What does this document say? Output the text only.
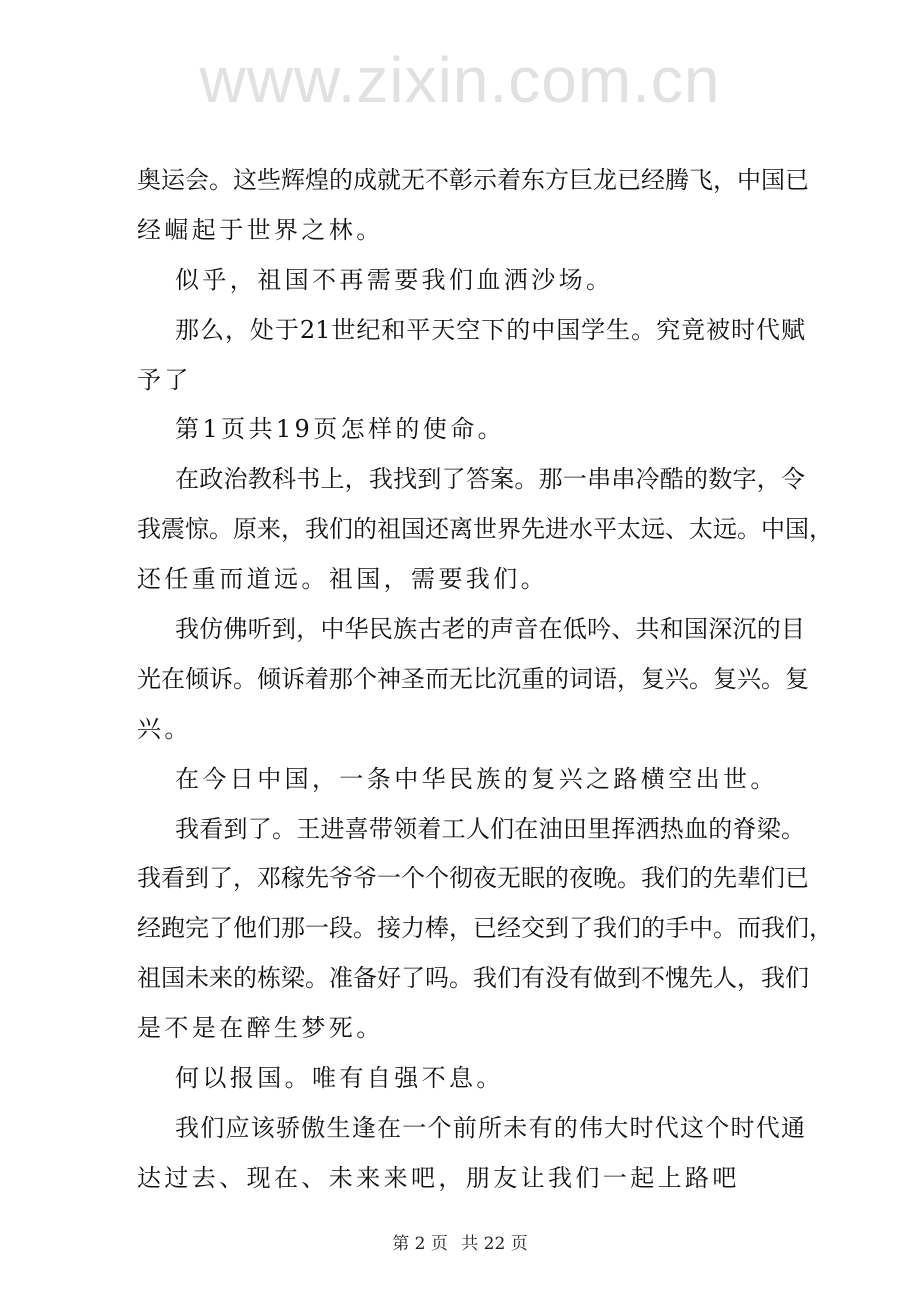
www.zixin.com.cn
奥运会。这些辉煌的成就无不彰示着东方巨龙已经腾飞，中国已
经崛起于世界之林。
似乎，祖国不再需要我们血洒沙场。
那么，处于21世纪和平天空下的中国学生。究竟被时代赋
予了
第1页共19页怎样的使命。
在政治教科书上，我找到了答案。那一串串冷酷的数字，令
我震惊。原来，我们的祖国还离世界先进水平太远、太远。中国，
还任重而道远。祖国，需要我们。
我仿佛听到，中华民族古老的声音在低吟、共和国深沉的目
光在倾诉。倾诉着那个神圣而无比沉重的词语，复兴。复兴。复
兴。
在今日中国，一条中华民族的复兴之路横空出世。
我看到了。王进喜带领着工人们在油田里挥洒热血的脊梁。
我看到了，邓稼先爷爷一个个彻夜无眠的夜晚。我们的先辈们已
经跑完了他们那一段。接力棒，已经交到了我们的手中。而我们，
祖国未来的栋梁。准备好了吗。我们有没有做到不愧先人，我们
是不是在醉生梦死。
何以报国。唯有自强不息。
我们应该骄傲生逢在一个前所未有的伟大时代这个时代通
达过去、现在、未来来吧，朋友让我们一起上路吧
第 2 页 共 22 页
